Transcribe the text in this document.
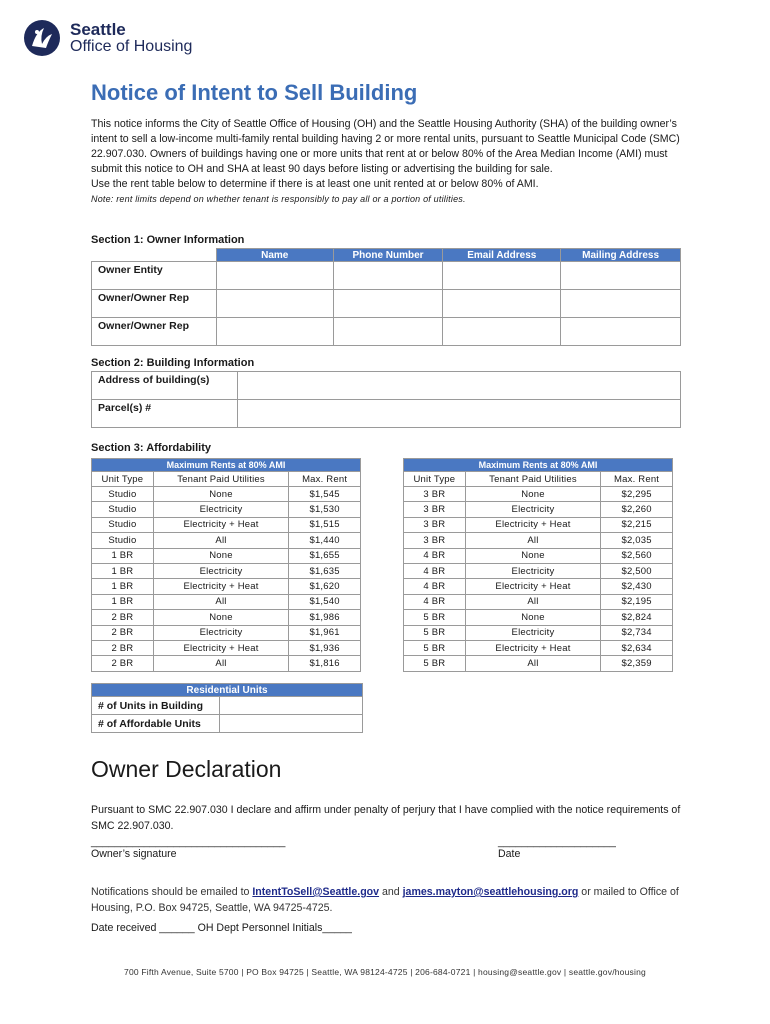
Seattle
Office of Housing
Notice of Intent to Sell Building

This notice informs the City of Seattle Office of Housing (OH) and the Seattle Housing Authority (SHA) of the building owner’s intent to sell a low-income multi-family rental building having 2 or more rental units, pursuant to Seattle Municipal Code (SMC) 22.907.030. Owners of buildings having one or more units that rent at or below 80% of the Area Median Income (AMI) must submit this notice to OH and SHA at least 90 days before listing or advertising the building for sale.

Use the rent table below to determine if there is at least one unit rented at or below 80% of AMI.

Note: rent limits depend on whether tenant is responsibly to pay all or a portion of utilities.

Section 1: Owner Information
	Name	Phone Number	Email Address	Mailing Address
Owner Entity				
Owner/Owner Rep				
Owner/Owner Rep				
Section 2: Building Information
Address of building(s)	
Parcel(s) #	
Section 3: Affordability
Maximum Rents at 80% AMI		
Unit Type	Tenant Paid Utilities	Max. Rent
Studio	None	$1,545
Studio	Electricity	$1,530
Studio	Electricity + Heat	$1,515
Studio	All	$1,440
1 BR	None	$1,655
1 BR	Electricity	$1,635
1 BR	Electricity + Heat	$1,620
1 BR	All	$1,540
2 BR	None	$1,986
2 BR	Electricity	$1,961
2 BR	Electricity + Heat	$1,936
2 BR	All	$1,816
Maximum Rents at 80% AMI		
Unit Type	Tenant Paid Utilities	Max. Rent
3 BR	None	$2,295
3 BR	Electricity	$2,260
3 BR	Electricity + Heat	$2,215
3 BR	All	$2,035
4 BR	None	$2,560
4 BR	Electricity	$2,500
4 BR	Electricity + Heat	$2,430
4 BR	All	$2,195
5 BR	None	$2,824
5 BR	Electricity	$2,734
5 BR	Electricity + Heat	$2,634
5 BR	All	$2,359
Residential Units	
# of Units in Building	
# of Affordable Units	
Owner Declaration
Pursuant to SMC 22.907.030 I declare and affirm under penalty of perjury that I have complied with the notice requirements of SMC 22.907.030.
_________________________________	____________________
Owner’s signature	Date
Notifications should be emailed to IntentToSell@Seattle.gov and james.mayton@seattlehousing.org or mailed to Office of Housing, P.O. Box 94725, Seattle, WA 94725-4725.
Date received ______ OH Dept Personnel Initials_____
700 Fifth Avenue, Suite 5700 | PO Box 94725 | Seattle, WA 98124-4725 | 206-684-0721 | housing@seattle.gov | seattle.gov/housing
